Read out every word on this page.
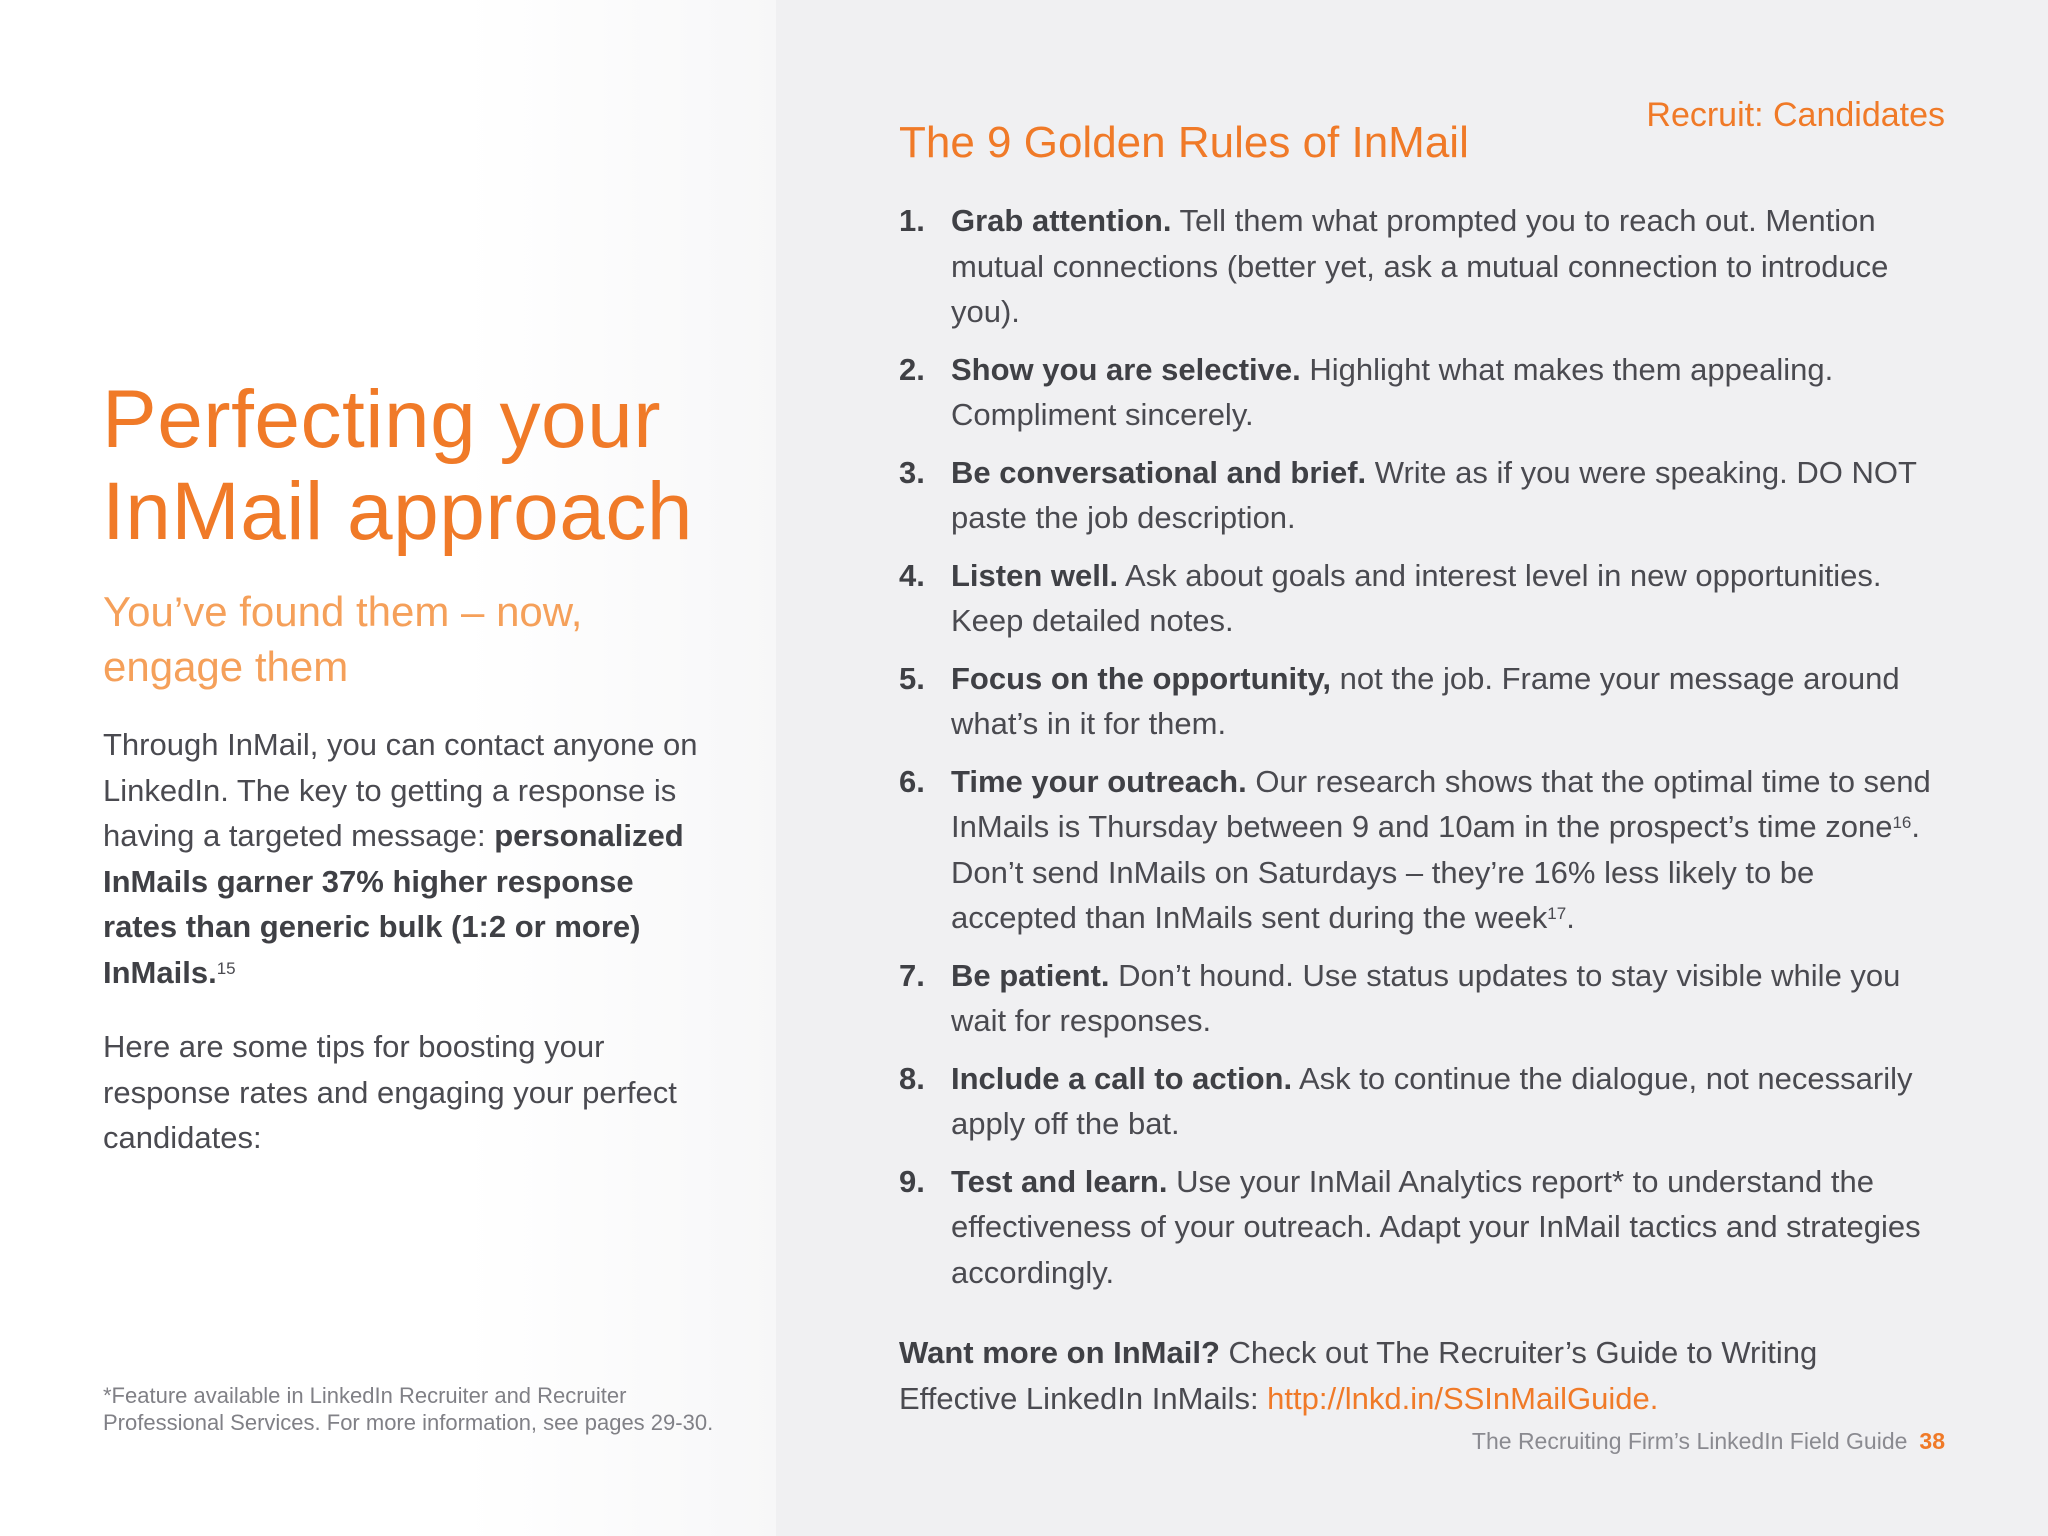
Perfecting your
InMail approach
You’ve found them – now,
engage them

Through InMail, you can contact anyone on LinkedIn. The key to getting a response is having a targeted message: personalized InMails garner 37% higher response rates than generic bulk (1:2 or more) InMails.$^{15}$

Here are some tips for boosting your response rates and engaging your perfect candidates:

*Feature available in LinkedIn Recruiter and Recruiter
Professional Services. For more information, see pages 29-30.

Recruit: Candidates
The 9 Golden Rules of InMail
1. Grab attention. Tell them what prompted you to reach out. Mention mutual connections (better yet, ask a mutual connection to introduce you).
2. Show you are selective. Highlight what makes them appealing. Compliment sincerely.
3. Be conversational and brief. Write as if you were speaking. DO NOT paste the job description.
4. Listen well. Ask about goals and interest level in new opportunities. Keep detailed notes.
5. Focus on the opportunity, not the job. Frame your message around what’s in it for them.
6. Time your outreach. Our research shows that the optimal time to send InMails is Thursday between 9 and 10am in the prospect’s time zone$^{16}$. Don’t send InMails on Saturdays – they’re 16% less likely to be accepted than InMails sent during the week$^{17}$.
7. Be patient. Don’t hound. Use status updates to stay visible while you wait for responses.
8. Include a call to action. Ask to continue the dialogue, not necessarily apply off the bat.
9. Test and learn. Use your InMail Analytics report* to understand the effectiveness of your outreach. Adapt your InMail tactics and strategies accordingly.

Want more on InMail? Check out The Recruiter’s Guide to Writing Effective LinkedIn InMails: http://lnkd.in/SSInMailGuide.

The Recruiting Firm’s LinkedIn Field Guide 38
